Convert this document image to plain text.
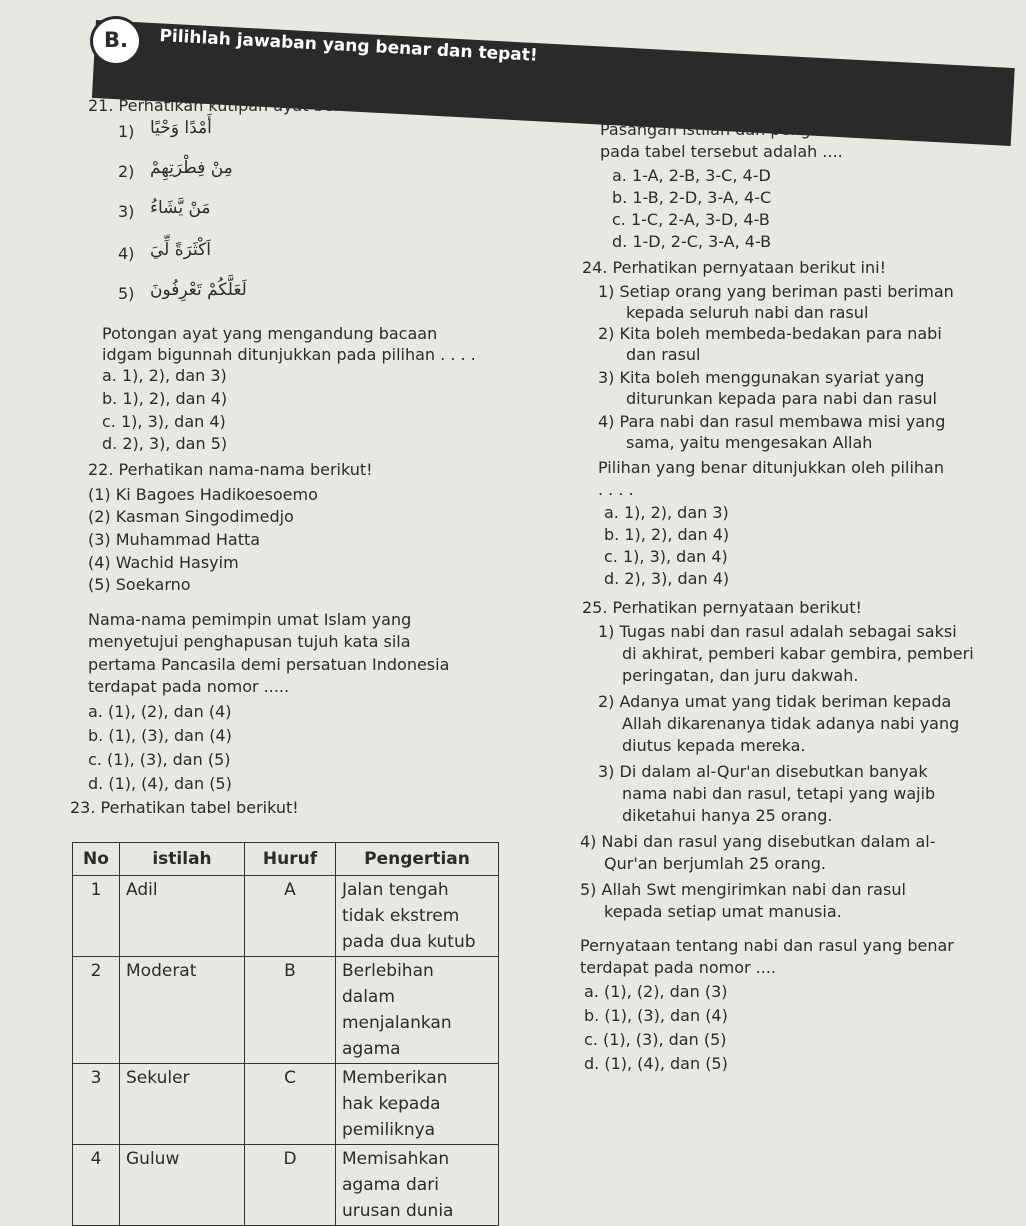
B.	Pilihlah jawaban yang benar dan tepat!
21. Perhatikan kutipan ayat berikut.
1) أَمْدًا وَحْيًا
2) مِنْ فِطْرَتِهِمْ
3) مَنْ يَّشَاءُ
4) اَكْثَرَةً لِّيَ
5) لَعَلَّكُمْ تَعْرِفُونَ
Potongan ayat yang mengandung bacaan
idgam bigunnah ditunjukkan pada pilihan . . . .
a. 1), 2), dan 3)
b. 1), 2), dan 4)
c. 1), 3), dan 4)
d. 2), 3), dan 5)
22. Perhatikan nama-nama berikut!
(1) Ki Bagoes Hadikoesoemo
(2) Kasman Singodimedjo
(3) Muhammad Hatta
(4) Wachid Hasyim
(5) Soekarno
Nama-nama pemimpin umat Islam yang
menyetujui penghapusan tujuh kata sila
pertama Pancasila demi persatuan Indonesia
terdapat pada nomor .....
a. (1), (2), dan (4)
b. (1), (3), dan (4)
c. (1), (3), dan (5)
d. (1), (4), dan (5)
23. Perhatikan tabel berikut!
No	istilah	Huruf	Pengertian
1	Adil	A	Jalan tengah
tidak ekstrem
pada dua kutub

2	Moderat	B	Berlebihan dalam
menjalankan
agama

3	Sekuler	C	Memberikan
hak kepada
pemiliknya

4	Guluw	D	Memisahkan
agama dari
urusan dunia
Pasangan istilah dan pengertian yang tepat
pada tabel tersebut adalah ....
a. 1-A, 2-B, 3-C, 4-D
b. 1-B, 2-D, 3-A, 4-C
c. 1-C, 2-A, 3-D, 4-B
d. 1-D, 2-C, 3-A, 4-B
24. Perhatikan pernyataan berikut ini!
1) Setiap orang yang beriman pasti beriman
kepada seluruh nabi dan rasul
2) Kita boleh membeda-bedakan para nabi
dan rasul
3) Kita boleh menggunakan syariat yang
diturunkan kepada para nabi dan rasul
4) Para nabi dan rasul membawa misi yang
sama, yaitu mengesakan Allah
Pilihan yang benar ditunjukkan oleh pilihan
. . . .
a. 1), 2), dan 3)
b. 1), 2), dan 4)
c. 1), 3), dan 4)
d. 2), 3), dan 4)
25. Perhatikan pernyataan berikut!
1) Tugas nabi dan rasul adalah sebagai saksi
di akhirat, pemberi kabar gembira, pemberi
peringatan, dan juru dakwah.
2) Adanya umat yang tidak beriman kepada
Allah dikarenanya tidak adanya nabi yang
diutus kepada mereka.
3) Di dalam al-Qur'an disebutkan banyak
nama nabi dan rasul, tetapi yang wajib
diketahui hanya 25 orang.
4) Nabi dan rasul yang disebutkan dalam al-
Qur'an berjumlah 25 orang.
5) Allah Swt mengirimkan nabi dan rasul
kepada setiap umat manusia.
Pernyataan tentang nabi dan rasul yang benar
terdapat pada nomor ....
a. (1), (2), dan (3)
b. (1), (3), dan (4)
c. (1), (3), dan (5)
d. (1), (4), dan (5)
